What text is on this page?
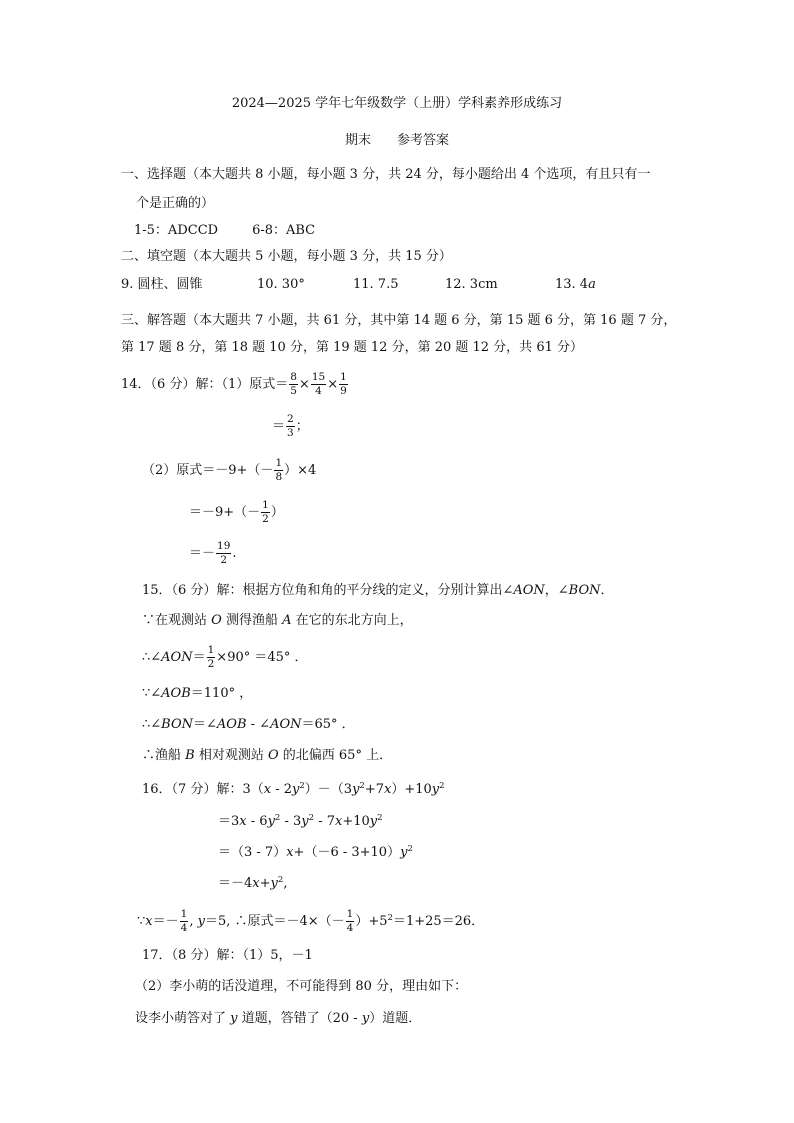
2024—2025 学年七年级数学（上册）学科素养形成练习
期末 参考答案
一、选择题（本大题共 8 小题，每小题 3 分，共 24 分，每小题给出 4 个选项，有且只有一
个是正确的）
1-5：ADCCD	6-8：ABC
二、填空题（本大题共 5 小题，每小题 3 分，共 15 分）
9. 圆柱、圆锥	10. 30°	11. 7.5	12. 3cm	13. 4a
三、解答题（本大题共 7 小题，共 61 分，其中第 14 题 6 分，第 15 题 6 分，第 16 题 7 分，
第 17 题 8 分，第 18 题 10 分，第 19 题 12 分，第 20 题 12 分，共 61 分）
14．（6 分）解：（1）原式＝ $\frac{8}{5} \times \frac{15}{4} \times \frac{1}{9}$
＝ $\frac{2}{3}$ ；
（2）原式$=-9+(- \frac{1}{8} )\times 4$
$=-9+(- \frac{1}{2}$ ）
＝－ $\frac{19}{2}$ .
15．（6 分）解：根据方位角和角的平分线的定义，分别计算出∠AON，∠BON．
∵在观测站 O 测得渔船 A 在它的东北方向上，
∴∠AON＝ $\frac{1}{2} \times 90^\circ =45^\circ$ ．
∵∠AOB＝110° ，
∴∠BON＝∠AOB - ∠AON＝65° ．
∴渔船 B 相对观测站 O 的北偏西 65° 上．
16．（7 分）解：$3(x - 2y^2)-(3y^2+7x)+10y^2$
$=3x - 6y^2 - 3y^2 - 7x+10y^2$
$=(3 - 7)x+(-6 - 3+10)y^2$
$=-4x+y^2$,
∵x＝－ $\frac{1}{4}$ , y＝5, ∴原式$=-4\times(- \frac{1}{4} )+5^2=1+25=26$．
17．（8 分）解：（1）5，－1
（2）李小萌的话没道理，不可能得到 80 分，理由如下：
设李小萌答对了 y 道题，答错了（20 - y）道题．
